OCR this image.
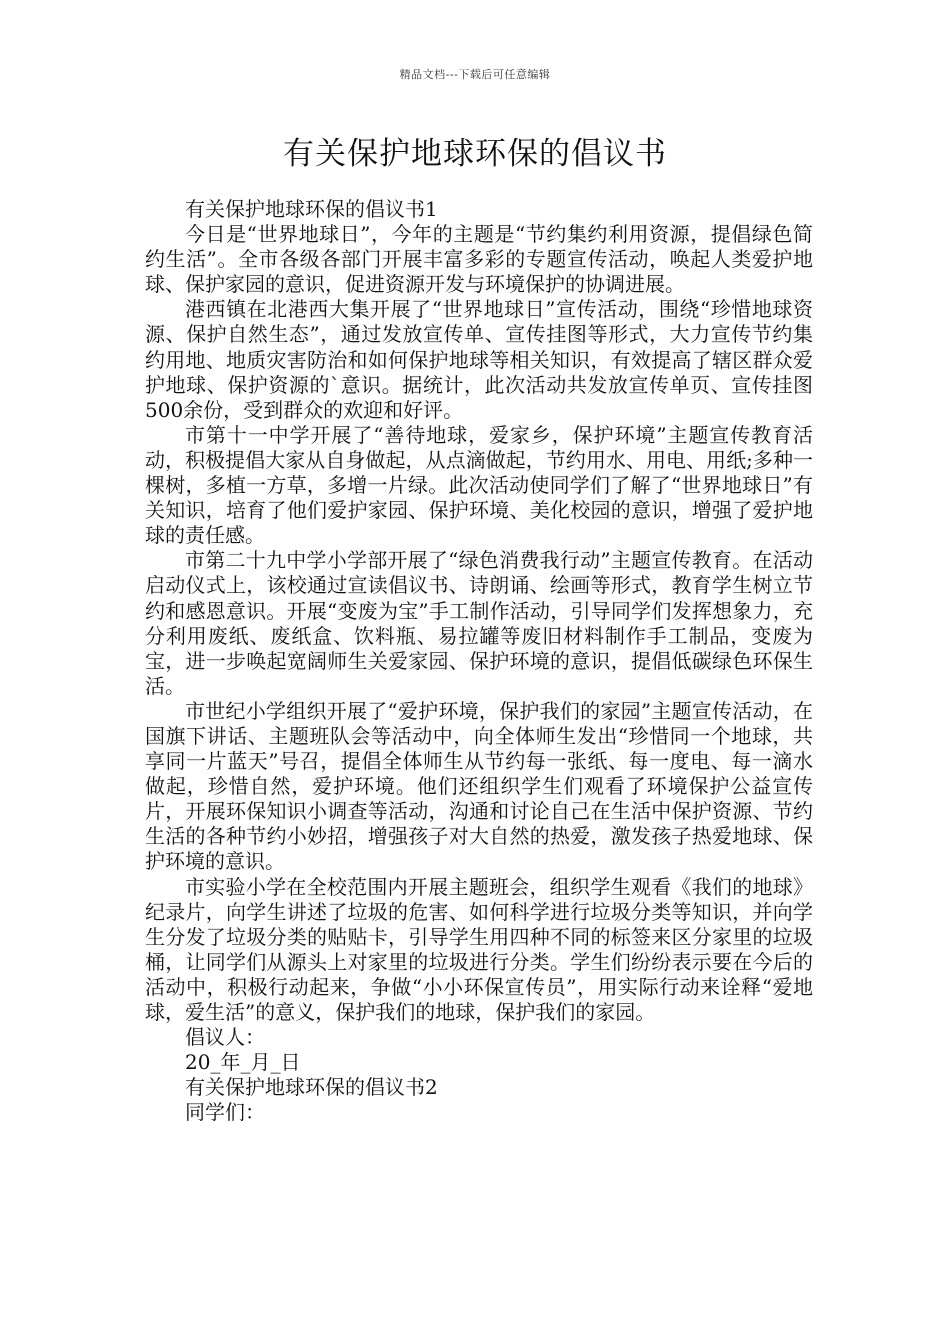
精品文档---下载后可任意编辑
有关保护地球环保的倡议书

有关保护地球环保的倡议书1

今日是“世界地球日”，今年的主题是“节约集约利用资源，提倡绿色简约生活”。全市各级各部门开展丰富多彩的专题宣传活动，唤起人类爱护地球、保护家园的意识，促进资源开发与环境保护的协调进展。

港西镇在北港西大集开展了“世界地球日”宣传活动，围绕“珍惜地球资源、保护自然生态”，通过发放宣传单、宣传挂图等形式，大力宣传节约集约用地、地质灾害防治和如何保护地球等相关知识，有效提高了辖区群众爱护地球、保护资源的`意识。据统计，此次活动共发放宣传单页、宣传挂图500余份，受到群众的欢迎和好评。

市第十一中学开展了“善待地球，爱家乡，保护环境”主题宣传教育活动，积极提倡大家从自身做起，从点滴做起，节约用水、用电、用纸;多种一棵树，多植一方草，多增一片绿。此次活动使同学们了解了“世界地球日”有关知识，培育了他们爱护家园、保护环境、美化校园的意识，增强了爱护地球的责任感。

市第二十九中学小学部开展了“绿色消费我行动”主题宣传教育。在活动启动仪式上，该校通过宣读倡议书、诗朗诵、绘画等形式，教育学生树立节约和感恩意识。开展“变废为宝”手工制作活动，引导同学们发挥想象力，充分利用废纸、废纸盒、饮料瓶、易拉罐等废旧材料制作手工制品，变废为宝，进一步唤起宽阔师生关爱家园、保护环境的意识，提倡低碳绿色环保生活。

市世纪小学组织开展了“爱护环境，保护我们的家园”主题宣传活动，在国旗下讲话、主题班队会等活动中，向全体师生发出“珍惜同一个地球，共享同一片蓝天”号召，提倡全体师生从节约每一张纸、每一度电、每一滴水做起，珍惜自然，爱护环境。他们还组织学生们观看了环境保护公益宣传片，开展环保知识小调查等活动，沟通和讨论自己在生活中保护资源、节约生活的各种节约小妙招，增强孩子对大自然的热爱，激发孩子热爱地球、保护环境的意识。

市实验小学在全校范围内开展主题班会，组织学生观看《我们的地球》纪录片，向学生讲述了垃圾的危害、如何科学进行垃圾分类等知识，并向学生分发了垃圾分类的贴贴卡，引导学生用四种不同的标签来区分家里的垃圾桶，让同学们从源头上对家里的垃圾进行分类。学生们纷纷表示要在今后的活动中，积极行动起来，争做“小小环保宣传员”，用实际行动来诠释“爱地球，爱生活”的意义，保护我们的地球，保护我们的家园。

倡议人：

20_年_月_日

有关保护地球环保的倡议书2

同学们：
